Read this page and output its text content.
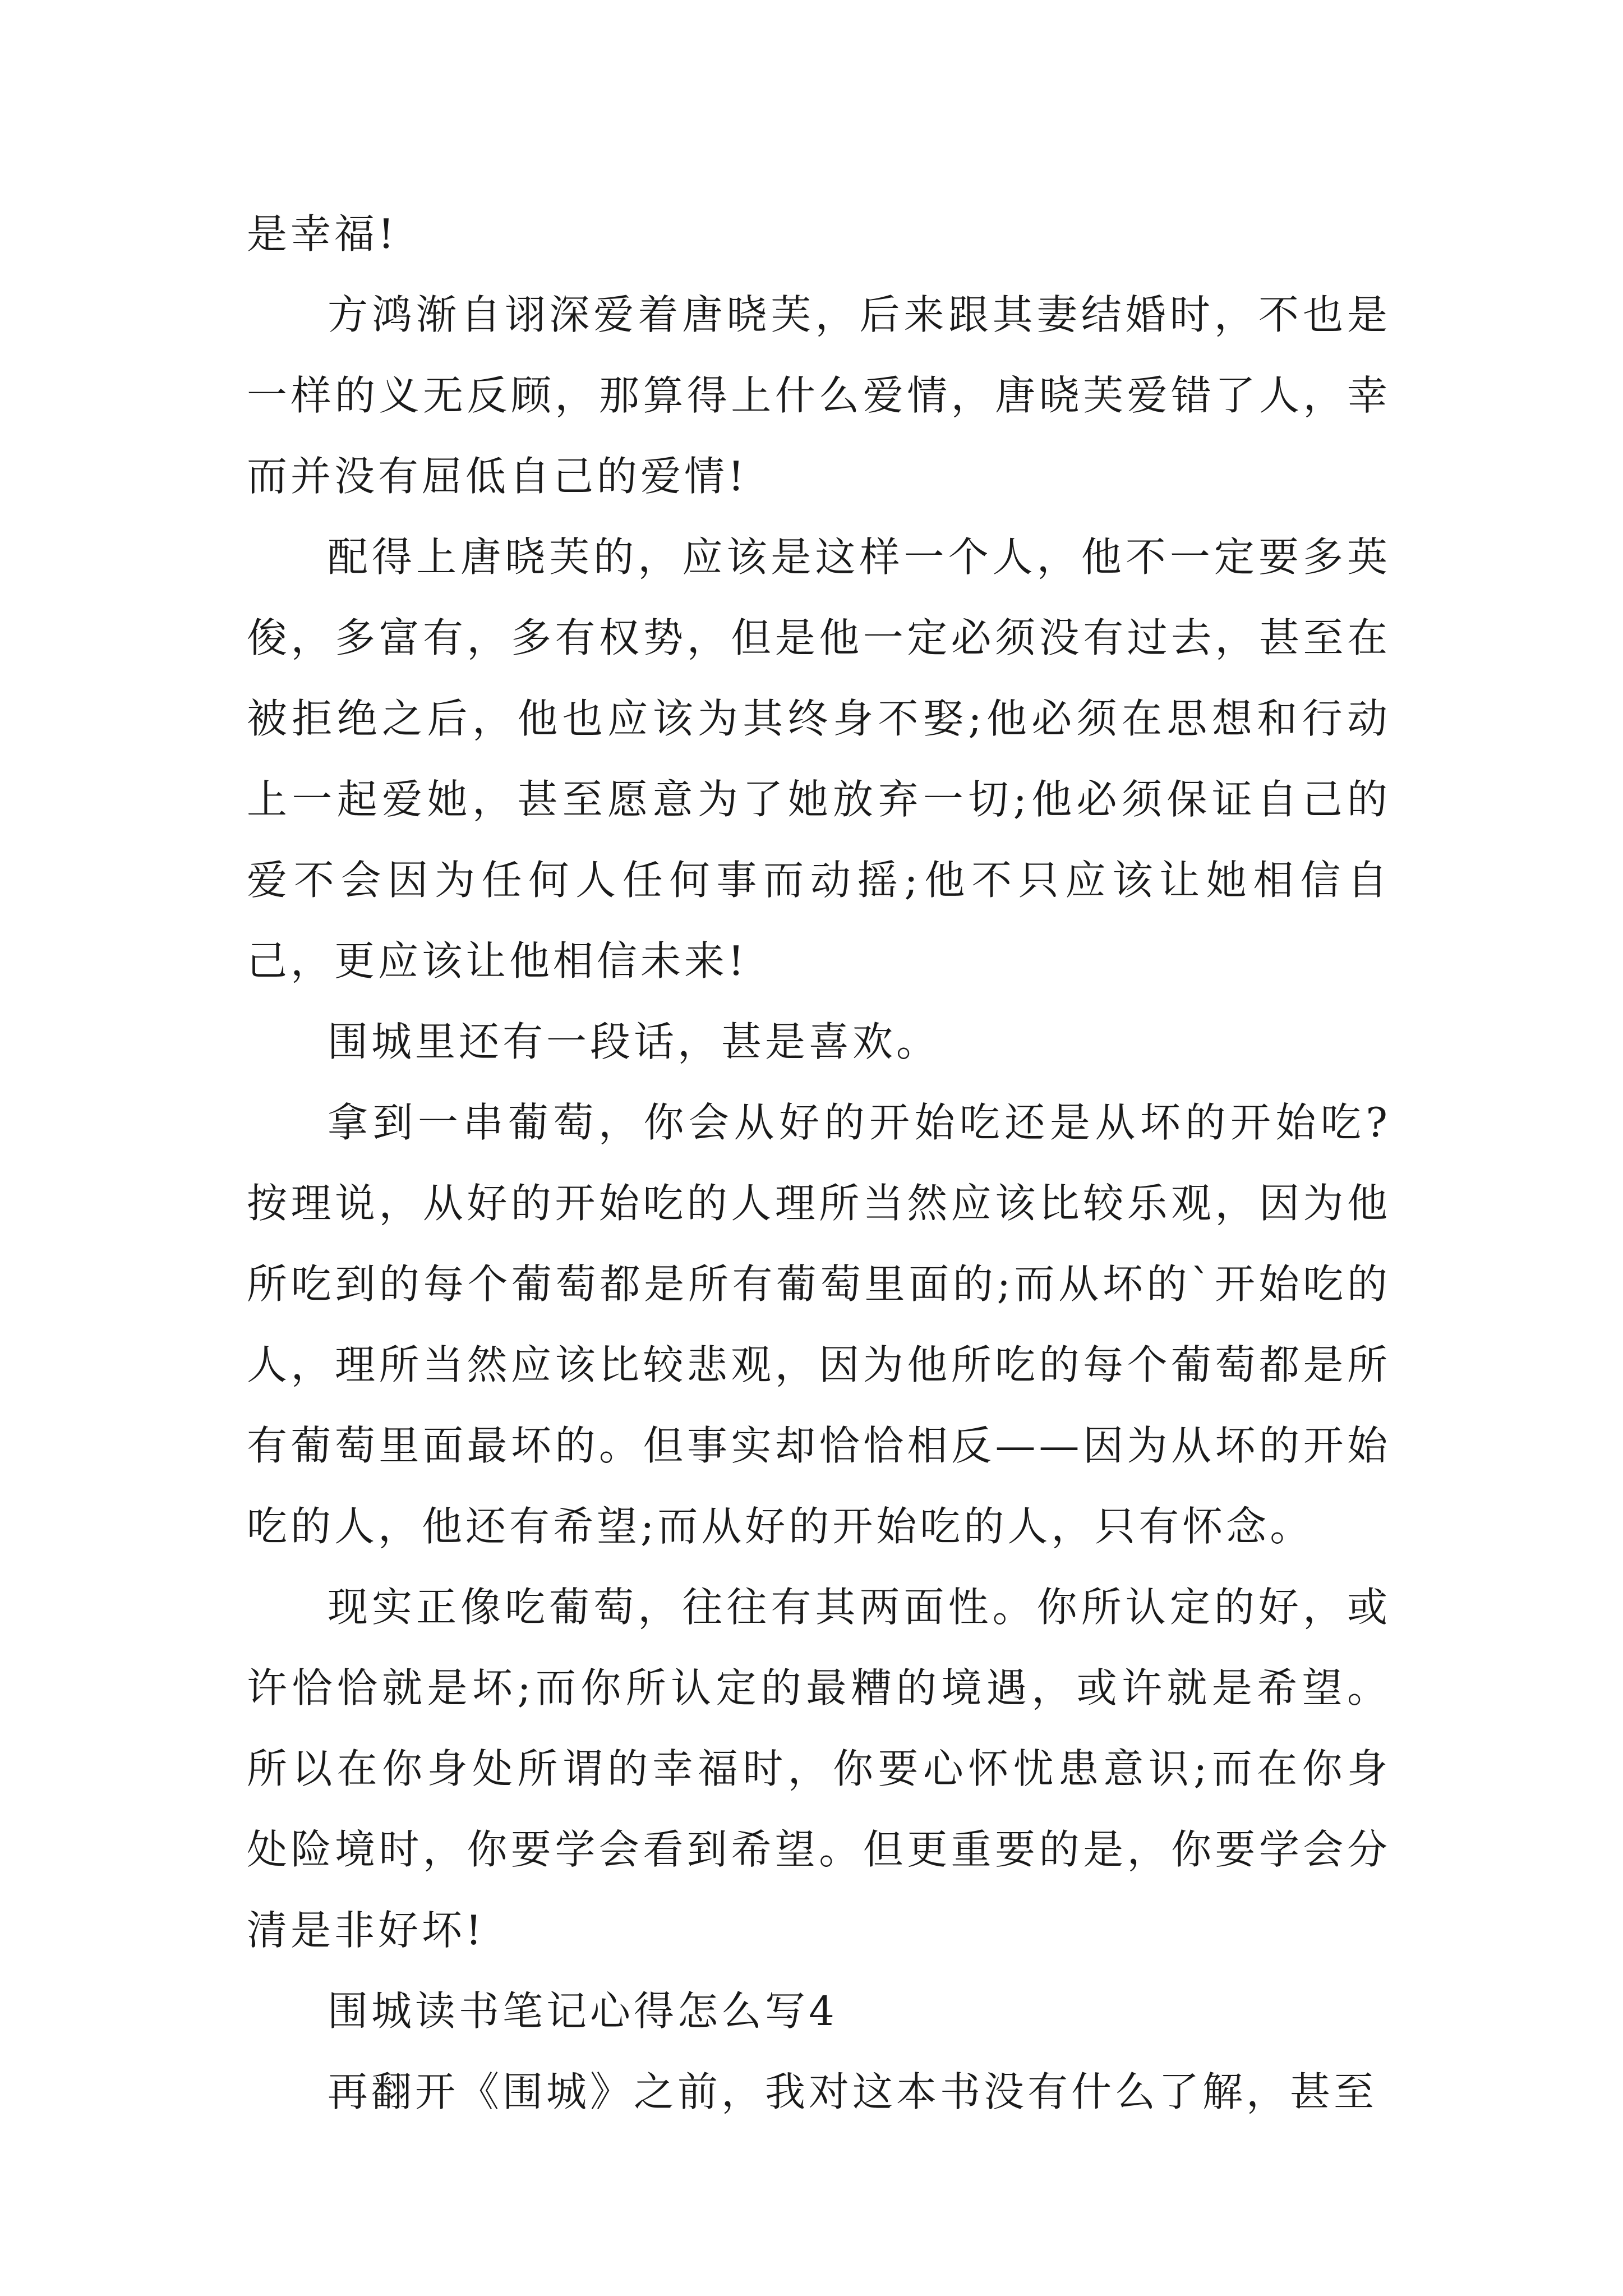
是幸福!

方鸿渐自诩深爱着唐晓芙，后来跟其妻结婚时，不也是一样的义无反顾，那算得上什么爱情，唐晓芙爱错了人，幸而并没有屈低自己的爱情!

配得上唐晓芙的，应该是这样一个人，他不一定要多英俊，多富有，多有权势，但是他一定必须没有过去，甚至在被拒绝之后，他也应该为其终身不娶;他必须在思想和行动上一起爱她，甚至愿意为了她放弃一切;他必须保证自己的爱不会因为任何人任何事而动摇;他不只应该让她相信自己，更应该让他相信未来!

围城里还有一段话，甚是喜欢。

拿到一串葡萄，你会从好的开始吃还是从坏的开始吃?按理说，从好的开始吃的人理所当然应该比较乐观，因为他所吃到的每个葡萄都是所有葡萄里面的;而从坏的`开始吃的人，理所当然应该比较悲观，因为他所吃的每个葡萄都是所有葡萄里面最坏的。但事实却恰恰相反——因为从坏的开始吃的人，他还有希望;而从好的开始吃的人，只有怀念。

现实正像吃葡萄，往往有其两面性。你所认定的好，或许恰恰就是坏;而你所认定的最糟的境遇，或许就是希望。所以在你身处所谓的幸福时，你要心怀忧患意识;而在你身处险境时，你要学会看到希望。但更重要的是，你要学会分清是非好坏!

围城读书笔记心得怎么写4

再翻开《围城》之前，我对这本书没有什么了解，甚至
